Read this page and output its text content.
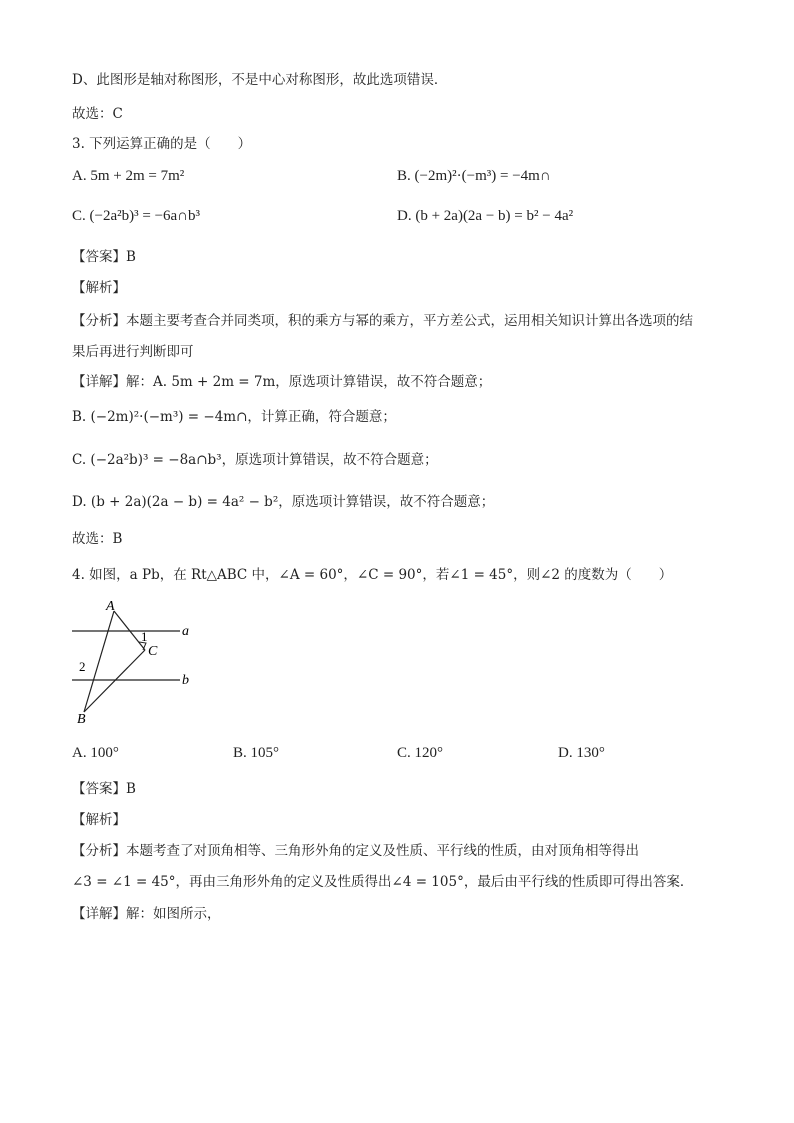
D、此图形是轴对称图形，不是中心对称图形，故此选项错误．
故选：C
3. 下列运算正确的是（　　）
A. 5m + 2m = 7m²	B. (−2m)²·(−m³) = −4m∩
C. (−2a²b)³ = −6a∩b³	D. (b + 2a)(2a − b) = b² − 4a²
【答案】B
【解析】
【分析】本题主要考查合并同类项，积的乘方与幂的乘方，平方差公式，运用相关知识计算出各选项的结
果后再进行判断即可
【详解】解：A. 5m + 2m = 7m，原选项计算错误，故不符合题意；
B. (−2m)²·(−m³) = −4m∩，计算正确，符合题意；
C. (−2a²b)³ = −8a∩b³，原选项计算错误，故不符合题意；
D. (b + 2a)(2a − b) = 4a² − b²，原选项计算错误，故不符合题意；
故选：B
4. 如图，a Pb，在 Rt△ABC 中，∠A = 60°，∠C = 90°，若∠1 = 45°，则∠2 的度数为（　　）
A
B
C
a
b
1
2
A. 100°	B. 105°	C. 120°	D. 130°
【答案】B
【解析】
【分析】本题考查了对顶角相等、三角形外角的定义及性质、平行线的性质，由对顶角相等得出
∠3 = ∠1 = 45°，再由三角形外角的定义及性质得出∠4 = 105°，最后由平行线的性质即可得出答案．
【详解】解：如图所示，
